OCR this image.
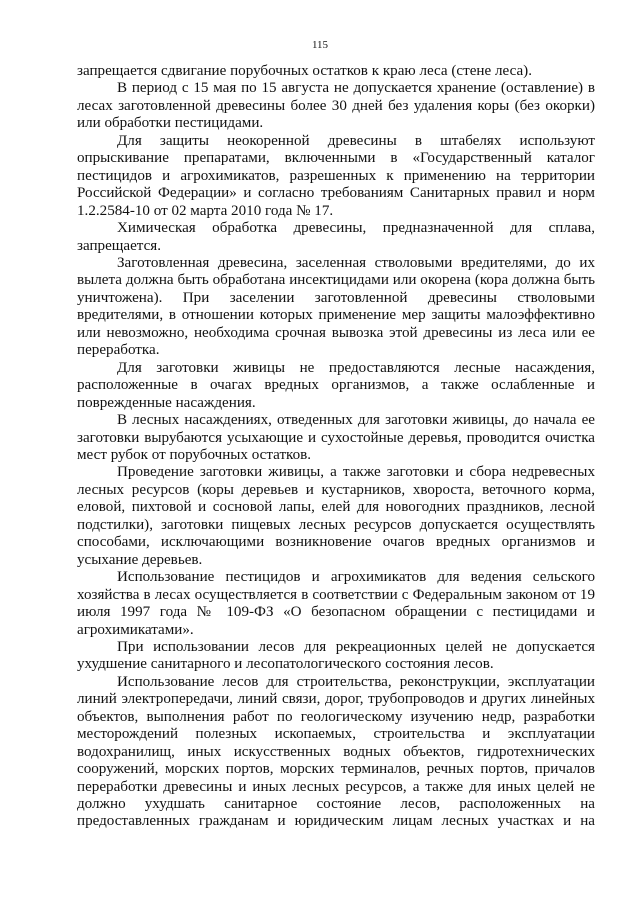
115

запрещается сдвигание порубочных остатков к краю леса (стене леса).

В период с 15 мая по 15 августа не допускается хранение (оставление) в лесах заготовленной древесины более 30 дней без удаления коры (без окорки) или обработки пестицидами.

Для защиты неокоренной древесины в штабелях используют опрыскивание препаратами, включенными в «Государственный каталог пестицидов и агрохимикатов, разрешенных к применению на территории Российской Федерации» и согласно требованиям Санитарных правил и норм 1.2.2584-10 от 02 марта 2010 года № 17.

Химическая обработка древесины, предназначенной для сплава, запрещается.

Заготовленная древесина, заселенная стволовыми вредителями, до их вылета должна быть обработана инсектицидами или окорена (кора должна быть уничтожена). При заселении заготовленной древесины стволовыми вредителями, в отношении которых применение мер защиты малоэффективно или невозможно, необходима срочная вывозка этой древесины из леса или ее переработка.

Для заготовки живицы не предоставляются лесные насаждения, расположенные в очагах вредных организмов, а также ослабленные и поврежденные насаждения.

В лесных насаждениях, отведенных для заготовки живицы, до начала ее заготовки вырубаются усыхающие и сухостойные деревья, проводится очистка мест рубок от порубочных остатков.

Проведение заготовки живицы, а также заготовки и сбора недревесных лесных ресурсов (коры деревьев и кустарников, хвороста, веточного корма, еловой, пихтовой и сосновой лапы, елей для новогодних праздников, лесной подстилки), заготовки пищевых лесных ресурсов допускается осуществлять способами, исключающими возникновение очагов вредных организмов и усыхание деревьев.

Использование пестицидов и агрохимикатов для ведения сельского хозяйства в лесах осуществляется в соответствии с Федеральным законом от 19 июля 1997 года № 109-ФЗ «О безопасном обращении с пестицидами и агрохимикатами».

При использовании лесов для рекреационных целей не допускается ухудшение санитарного и лесопатологического состояния лесов.

Использование лесов для строительства, реконструкции, эксплуатации линий электропередачи, линий связи, дорог, трубопроводов и других линейных объектов, выполнения работ по геологическому изучению недр, разработки месторождений полезных ископаемых, строительства и эксплуатации водохранилищ, иных искусственных водных объектов, гидротехнических сооружений, морских портов, морских терминалов, речных портов, причалов переработки древесины и иных лесных ресурсов, а также для иных целей не должно ухудшать санитарное состояние лесов, расположенных на предоставленных гражданам и юридическим лицам лесных участках и на
